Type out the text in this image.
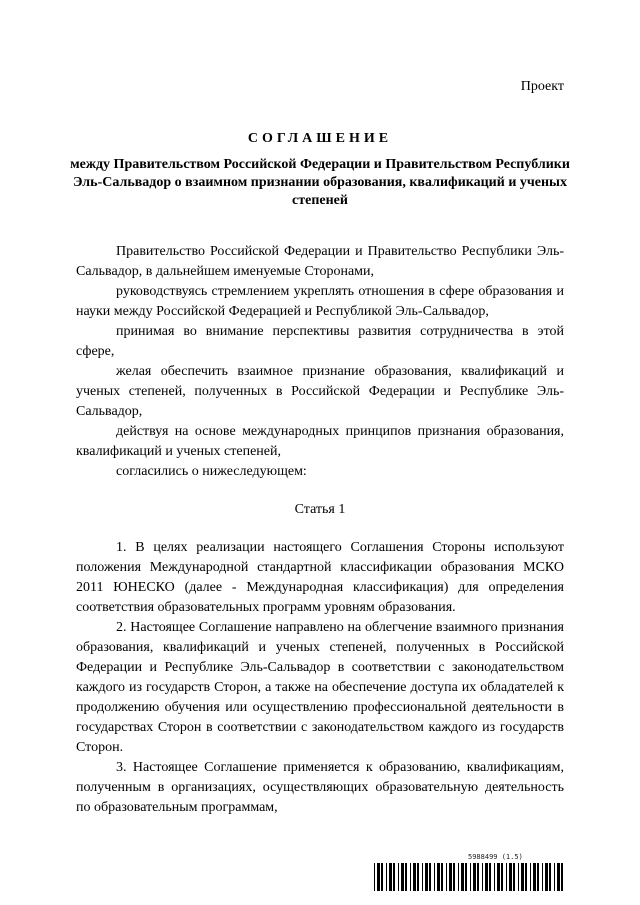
Проект
СОГЛАШЕНИЕ
между Правительством Российской Федерации и Правительством Республики Эль-Сальвадор о взаимном признании образования, квалификаций и ученых степеней

Правительство Российской Федерации и Правительство Республики Эль-Сальвадор, в дальнейшем именуемые Сторонами,

руководствуясь стремлением укреплять отношения в сфере образования и науки между Российской Федерацией и Республикой Эль-Сальвадор,

принимая во внимание перспективы развития сотрудничества в этой сфере,

желая обеспечить взаимное признание образования, квалификаций и ученых степеней, полученных в Российской Федерации и Республике Эль-Сальвадор,

действуя на основе международных принципов признания образования, квалификаций и ученых степеней,

согласились о нижеследующем:

Статья 1

1. В целях реализации настоящего Соглашения Стороны используют положения Международной стандартной классификации образования МСКО 2011 ЮНЕСКО (далее - Международная классификация) для определения соответствия образовательных программ уровням образования.

2. Настоящее Соглашение направлено на облегчение взаимного признания образования, квалификаций и ученых степеней, полученных в Российской Федерации и Республике Эль-Сальвадор в соответствии с законодательством каждого из государств Сторон, а также на обеспечение доступа их обладателей к продолжению обучения или осуществлению профессиональной деятельности в государствах Сторон в соответствии с законодательством каждого из государств Сторон.

3. Настоящее Соглашение применяется к образованию, квалификациям, полученным в организациях, осуществляющих образовательную деятельность по образовательным программам,

5988499 (1.5)
